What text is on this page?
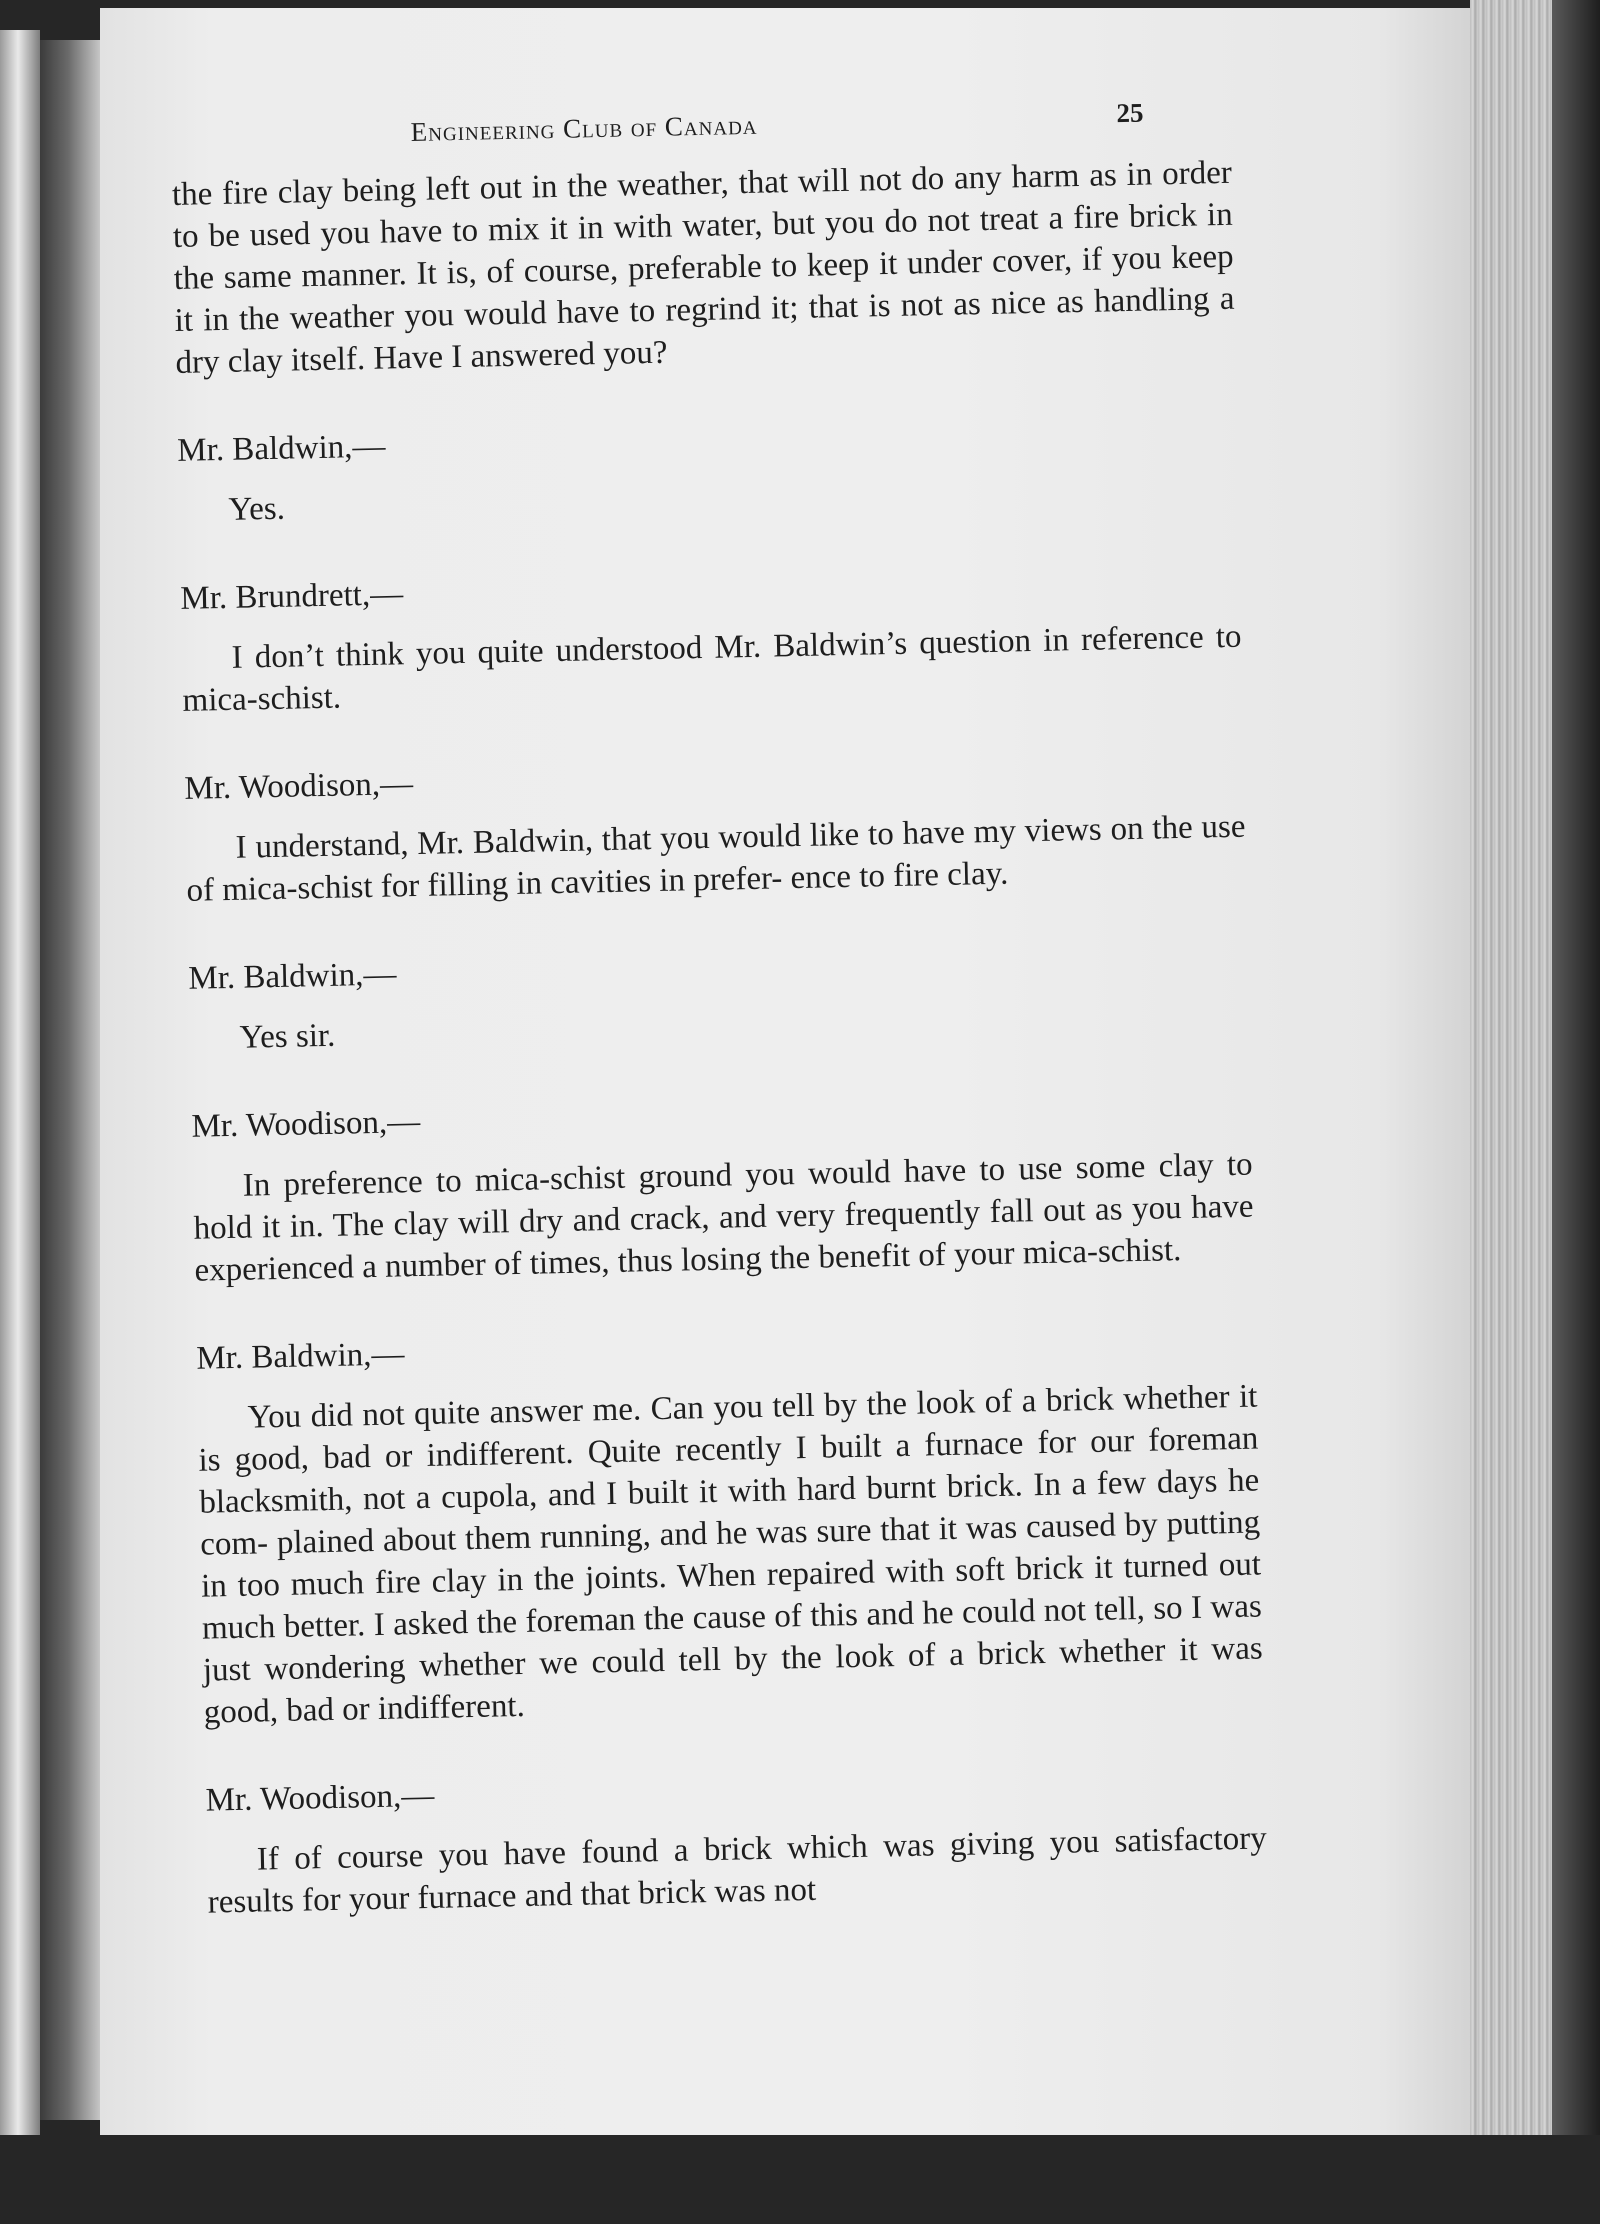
Engineering Club of Canada	25

the fire clay being left out in the weather, that will not do any harm as in order to be used you have to mix it in with water, but you do not treat a fire brick in the same manner. It is, of course, preferable to keep it under cover, if you keep it in the weather you would have to regrind it; that is not as nice as handling a dry clay itself. Have I answered you?

Mr. Baldwin,—

Yes.

Mr. Brundrett,—

I don’t think you quite understood Mr. Baldwin’s question in reference to mica-schist.

Mr. Woodison,—

I understand, Mr. Baldwin, that you would like to have my views on the use of mica-schist for filling in cavities in prefer- ence to fire clay.

Mr. Baldwin,—

Yes sir.

Mr. Woodison,—

In preference to mica-schist ground you would have to use some clay to hold it in. The clay will dry and crack, and very frequently fall out as you have experienced a number of times, thus losing the benefit of your mica-schist.

Mr. Baldwin,—

You did not quite answer me. Can you tell by the look of a brick whether it is good, bad or indifferent. Quite recently I built a furnace for our foreman blacksmith, not a cupola, and I built it with hard burnt brick. In a few days he com- plained about them running, and he was sure that it was caused by putting in too much fire clay in the joints. When repaired with soft brick it turned out much better. I asked the foreman the cause of this and he could not tell, so I was just wondering whether we could tell by the look of a brick whether it was good, bad or indifferent.

Mr. Woodison,—

If of course you have found a brick which was giving you satisfactory results for your furnace and that brick was not
